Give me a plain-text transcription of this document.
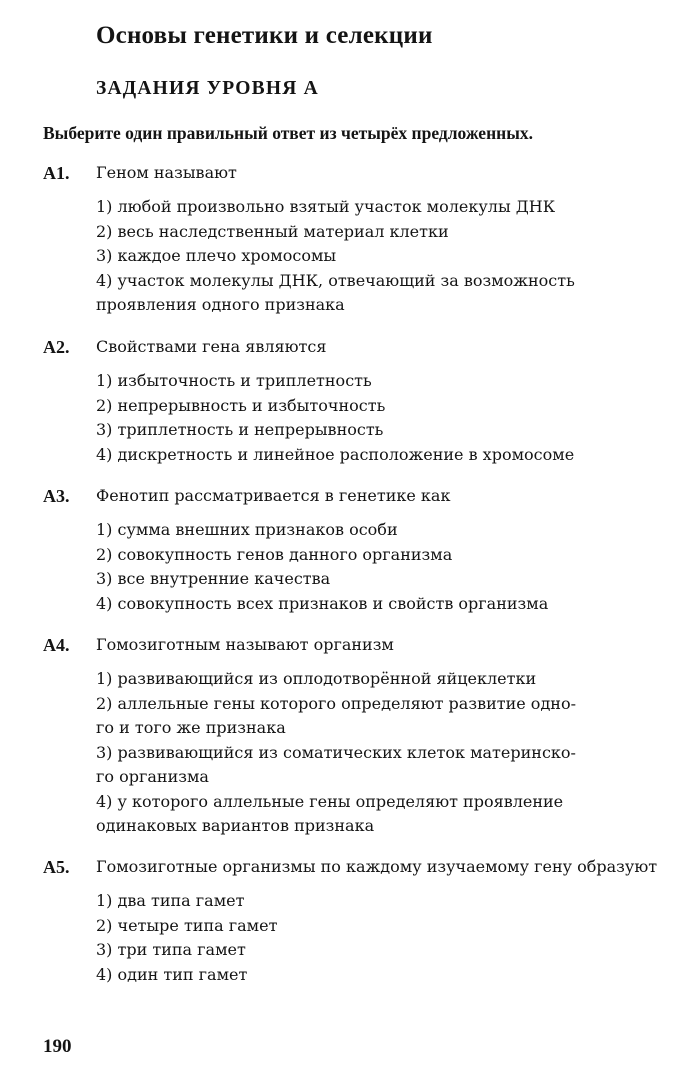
Основы генетики и селекции
ЗАДАНИЯ УРОВНЯ А
Выберите один правильный ответ из четырёх предложенных.
А1. Геном называют
1) любой произвольно взятый участок молекулы ДНК
2) весь наследственный материал клетки
3) каждое плечо хромосомы
4) участок молекулы ДНК, отвечающий за возможность
проявления одного признака
А2. Свойствами гена являются
1) избыточность и триплетность
2) непрерывность и избыточность
3) триплетность и непрерывность
4) дискретность и линейное расположение в хромосоме
А3. Фенотип рассматривается в генетике как
1) сумма внешних признаков особи
2) совокупность генов данного организма
3) все внутренние качества
4) совокупность всех признаков и свойств организма
А4. Гомозиготным называют организм
1) развивающийся из оплодотворённой яйцеклетки
2) аллельные гены которого определяют развитие одно-
го и того же признака
3) развивающийся из соматических клеток материнско-
го организма
4) у которого аллельные гены определяют проявление
одинаковых вариантов признака
А5. Гомозиготные организмы по каждому изучаемому гену образуют
1) два типа гамет
2) четыре типа гамет
3) три типа гамет
4) один тип гамет
190
